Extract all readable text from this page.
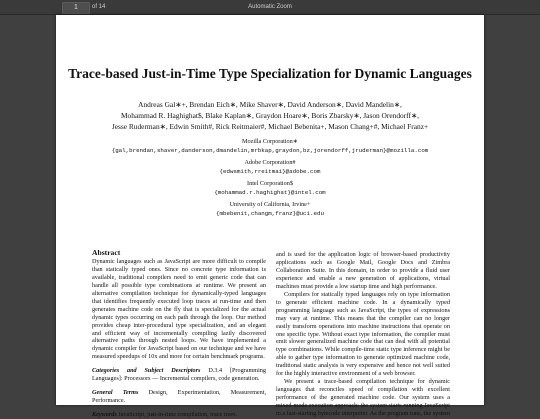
1	of 14	Automatic Zoom
Trace-based Just-in-Time Type Specialization for Dynamic Languages
Andreas Gal∗+, Brendan Eich∗, Mike Shaver∗, David Anderson∗, David Mandelin∗,
Mohammad R. Haghighat$, Blake Kaplan∗, Graydon Hoare∗, Boris Zbarsky∗, Jason Orendorff∗,
Jesse Ruderman∗, Edwin Smith#, Rick Reitmaier#, Michael Bebenita+, Mason Chang+#, Michael Franz+
Mozilla Corporation∗
{gal,brendan,shaver,danderson,dmandelin,mrbkap,graydon,bz,jorendorff,jruderman}@mozilla.com
Adobe Corporation#
{edwsmith,rreitmai}@adobe.com
Intel Corporation$
{mohammad.r.haghighat}@intel.com
University of California, Irvine+
{mbebenit,changm,franz}@uci.edu
Abstract

Dynamic languages such as JavaScript are more difficult to compile than statically typed ones. Since no concrete type information is available, traditional compilers need to emit generic code that can handle all possible type combinations at runtime. We present an alternative compilation technique for dynamically-typed languages that identifies frequently executed loop traces at run-time and then generates machine code on the fly that is specialized for the actual dynamic types occurring on each path through the loop. Our method provides cheap inter-procedural type specialization, and an elegant and efficient way of incrementally compiling lazily discovered alternative paths through nested loops. We have implemented a dynamic compiler for JavaScript based on our technique and we have measured speedups of 10x and more for certain benchmark programs.

Categories and Subject Descriptors D.3.4 [Programming Languages]: Processors — Incremental compilers, code generation.

General Terms Design, Experimentation, Measurement, Performance.

Keywords JavaScript, just-in-time compilation, trace trees.

and is used for the application logic of browser-based productivity applications such as Google Mail, Google Docs and Zimbra Collaboration Suite. In this domain, in order to provide a fluid user experience and enable a new generation of applications, virtual machines must provide a low startup time and high performance.

Compilers for statically typed languages rely on type information to generate efficient machine code. In a dynamically typed programming language such as JavaScript, the types of expressions may vary at runtime. This means that the compiler can no longer easily transform operations into machine instructions that operate on one specific type. Without exact type information, the compiler must emit slower generalized machine code that can deal with all potential type combinations. While compile-time static type inference might be able to gather type information to generate optimized machine code, traditional static analysis is very expensive and hence not well suited for the highly interactive environment of a web browser.

We present a trace-based compilation technique for dynamic languages that reconciles speed of compilation with excellent performance of the generated machine code. Our system uses a mixed-mode execution approach: the system starts running JavaScript in a fast-starting bytecode interpreter. As the program runs, the system
